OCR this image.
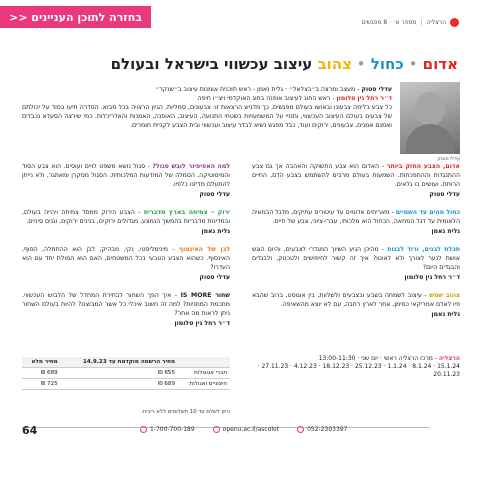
בחזרה לתוכן העניינים <<	הרצליה
|
מספר א׳ · 8 מפגשים
אדום • כחול • צהוב עיצוב עכשווי בישראל ובעולם
עדלי סטוק
עדלי סטוק - מעצב ומרצה ב״בצלאל״ · גלית נאמן - ראש תוכנית אומנות עיצוב ב״שנקר״
ד״ר רחל גין סלומון - ראש החוג לעיצוב אופנה בחוג האוקדמי ויצ״ו חיפה
כל צבע בלימה צבעונו ובאושו בעולם מפגשים, כך מדגיש הרצאות זו: צבעונים, סמליות, הגיון הרצויה בכל מבוא. הסדרה תיעו בסוד על יכולתם של צבעים בעולם העיצוב העכשווי, ותנויי על המשמעויות בשטחי התנועה, העיצוב, האופנה, האמנות והאדריכלות. כמי שירצה הסעדא נכבדים ואמנם אמנים, צבעונים, ירוקים ועוד, כבד מפגש נשיא לבדר עיצוב ועכשווי ובית הצבע לקניית חומרים.
אדום, הצבע החזק ביותר - האדום הוא צבע התשוקה והאהבה אך גם צבע ההתנגדות וההתפכחות. השמעות בעולם מרבים להשתמש בצבע הדם, החיים הרותח, ועושים בו גלאים.
עדלי סטוק
כחול מהים עד השמיים - מאריחים אדומים עד עיטורים עתיקים, מדגל הבמאיה הלאומית עד דגל המחאה, הכחול הוא מלכותי, עברי-ציוני, צבע של חיים.
גלית נאמן
תכלת לבנים, ורוד לבנות - מהיכן הגיע השיוך המגדרי לצבעים, והיום הוגש אושת לנער לצורך ולא לאוטו? איך זה קשור לחיפושים ולטכנוק, ולבגדים והבגדים היום?
ד״ר רחל גין סלומון
צהוב שמש - עיצוב לשמחה בשבע ובצבעים ולשלוות, בין אוגוסט, ברוב שהבא פיו לאדם אמריקאי כסימן, אחר לארץ רחבה, עם לא יוצא מהשאיפה.
גלית נאמן
למה האפיפיור לובש סגול? - סגול נושא משפט לויים ועוסים. הוא צבע הסוד והמיסוטיקה, הסמלה של המודעות המלכותית. הסגול מסקרן ומאתגר, ולא נייתן להתעלם מדיזנו כלפיו.
עדלי סטוק
ירוק – צמיחה בארץ מדברית - הצבע הירוק ממסד צמיחה ויהייה בעולם, ובמדינות מדבריות בהמשך הנמצע, מגדולים ירוקים, בנינים ירוקים, וגנים סיניים.
גלית נאמן
לבן של האינסוף - מינימליסטי, נקי, מבהיק; לבן הוא ההתחלה, הסוף, האינסוף. כשהוא הצבע הטבעי בכל המשטחים, האם הוא המולת יחד עם הוא העדרו?
עדלי סטוק
שחור IS MORE - איך הפך השחור לבחירת המחדל של הלבוש העכשווי, מחכמת המוזניות? למה זה חשוב איכלי כל אשר המבוצנו? להיות בעולם השחור ניתן לראות מה אחר?
ד״ר רחל גין סלומון
הרצליה - מרכז הרצליה ראשי · יום שני · 13:00-11:30
15.1.24 · 8.1.24 · 1.1.24 · 25.12.23 · 18.12.23 · 4.12.23 · 27.11.23 · 20.11.23
	מחיר הרשמה מוקדמת עד 14.9.23	מחיר מלא
חברי אגוגולות	655 ₪	689 ₪
חיצוניים ואגולות	689 ₪	725 ₪
ניתן לשלם עד 10 תשלומים ללא ריבית.
64	1-700-700-189	openu.ac.il/ascolot	052-2303397
